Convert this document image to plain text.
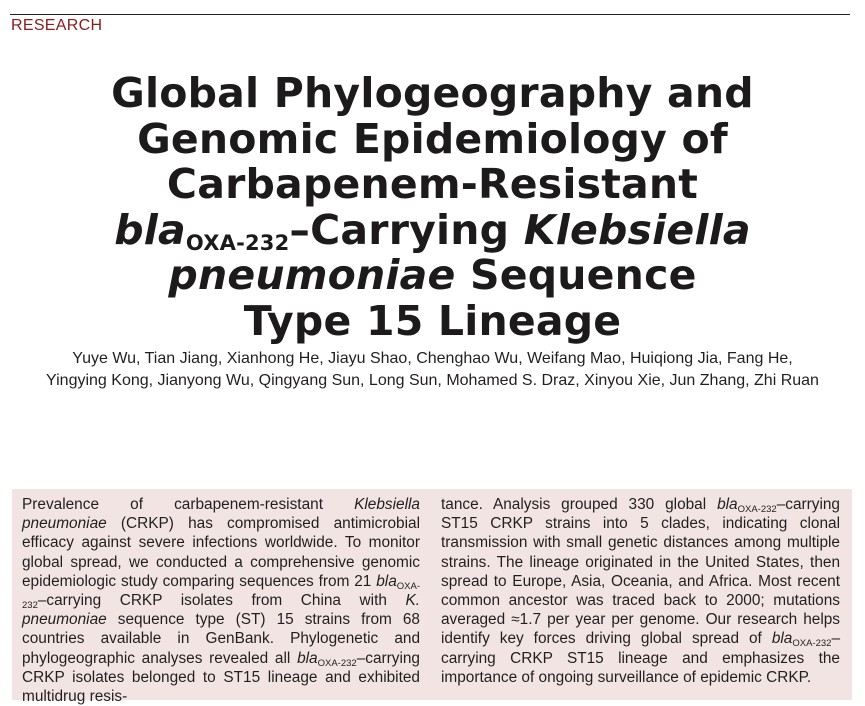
RESEARCH
Global Phylogeography and
Genomic Epidemiology of
Carbapenem-Resistant
bla$_{OXA-232}$–Carrying Klebsiella
pneumoniae Sequence
Type 15 Lineage
Yuye Wu, Tian Jiang, Xianhong He, Jiayu Shao, Chenghao Wu, Weifang Mao, Huiqiong Jia, Fang He,
Yingying Kong, Jianyong Wu, Qingyang Sun, Long Sun, Mohamed S. Draz, Xinyou Xie, Jun Zhang, Zhi Ruan

Prevalence of carbapenem-resistant Klebsiella pneumoniae (CRKP) has compromised antimicrobial efficacy against severe infections worldwide. To monitor global spread, we conducted a comprehensive genomic epidemiologic study comparing sequences from 21 bla$_{OXA-232}$–carrying CRKP isolates from China with K. pneumoniae sequence type (ST) 15 strains from 68 countries available in GenBank. Phylogenetic and phylogeographic analyses revealed all bla$_{OXA-232}$–carrying CRKP isolates belonged to ST15 lineage and exhibited multidrug resis-

tance. Analysis grouped 330 global bla$_{OXA-232}$–carrying ST15 CRKP strains into 5 clades, indicating clonal transmission with small genetic distances among multiple strains. The lineage originated in the United States, then spread to Europe, Asia, Oceania, and Africa. Most recent common ancestor was traced back to 2000; mutations averaged ≈1.7 per year per genome. Our research helps identify key forces driving global spread of bla$_{OXA-232}$–carrying CRKP ST15 lineage and emphasizes the importance of ongoing surveillance of epidemic CRKP.
